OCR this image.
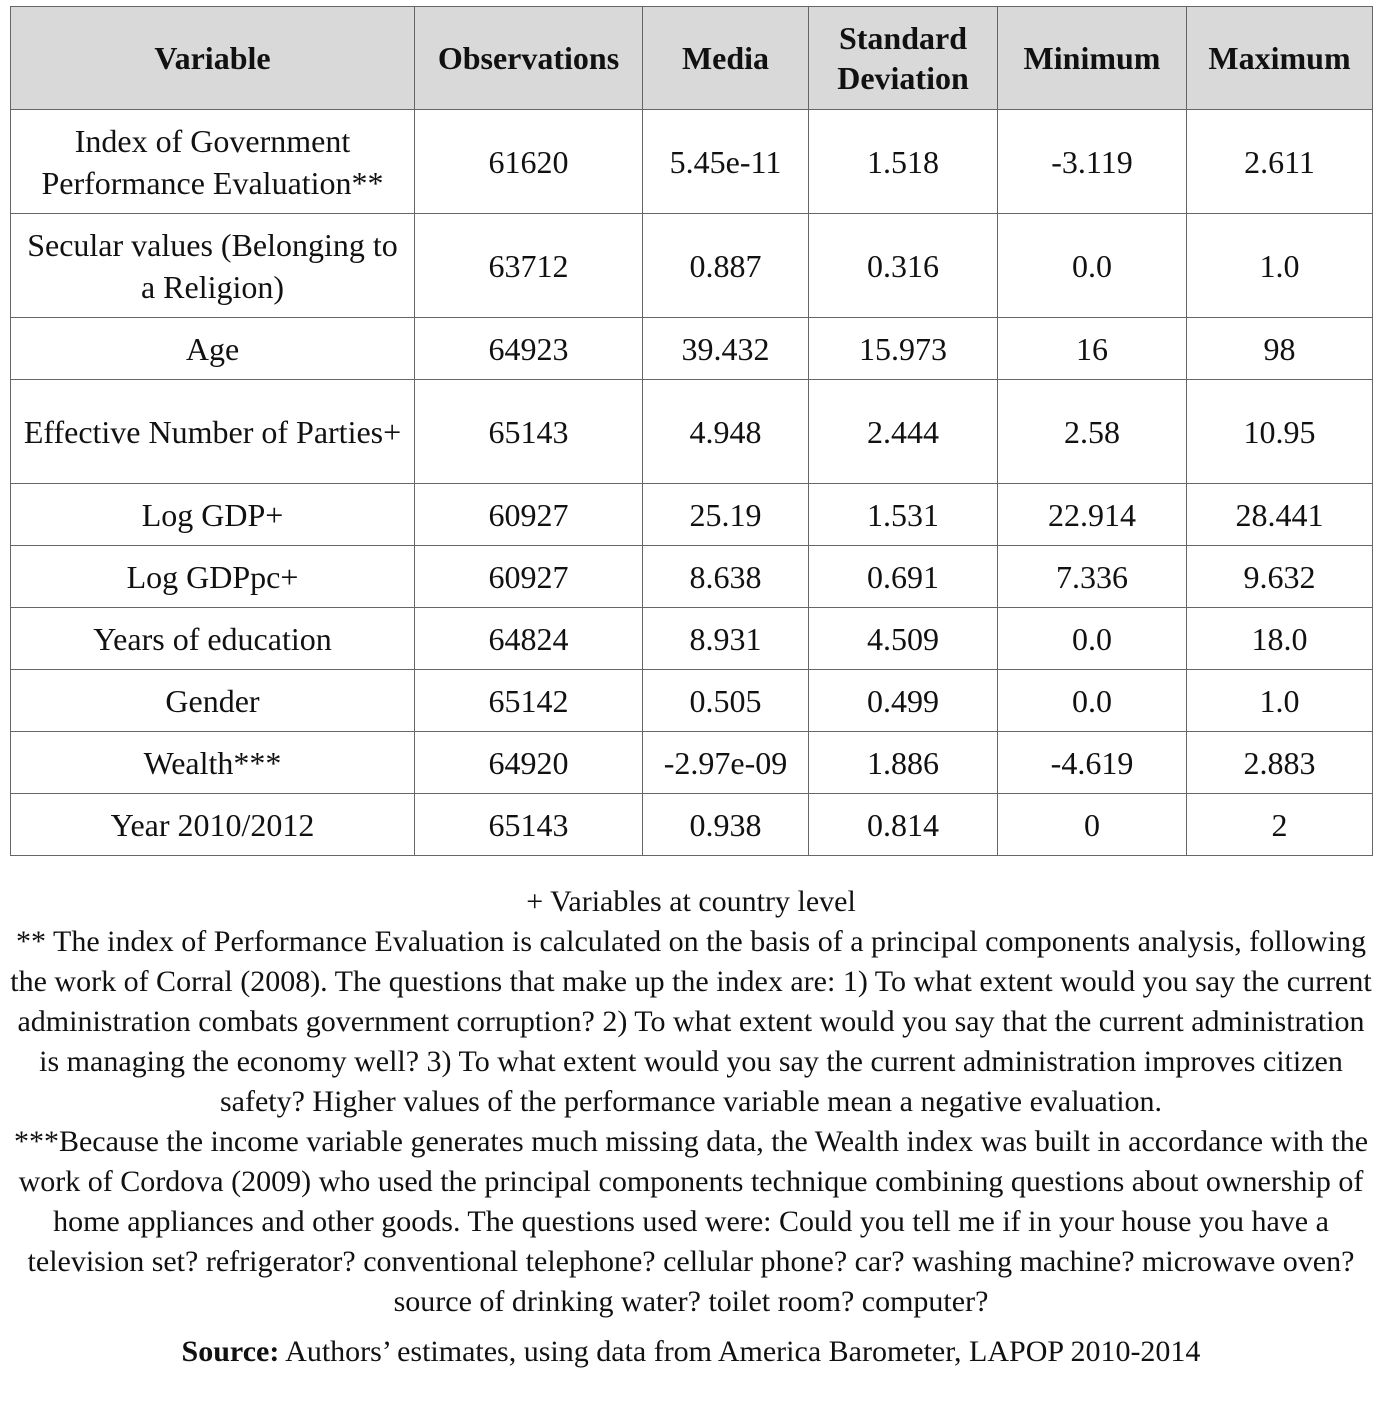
Variable	Observations	Media	Standard Deviation	Minimum	Maximum
Index of Government Performance Evaluation**	61620	5.45e-11	1.518	-3.119	2.611
Secular values (Belonging to a Religion)	63712	0.887	0.316	0.0	1.0
Age	64923	39.432	15.973	16	98
Effective Number of Parties+	65143	4.948	2.444	2.58	10.95
Log GDP+	60927	25.19	1.531	22.914	28.441
Log GDPpc+	60927	8.638	0.691	7.336	9.632
Years of education	64824	8.931	4.509	0.0	18.0
Gender	65142	0.505	0.499	0.0	1.0
Wealth***	64920	-2.97e-09	1.886	-4.619	2.883
Year 2010/2012	65143	0.938	0.814	0	2

+ Variables at country level

** The index of Performance Evaluation is calculated on the basis of a principal components analysis, following the work of Corral (2008). The questions that make up the index are: 1) To what extent would you say the current administration combats government corruption? 2) To what extent would you say that the current administration is managing the economy well? 3) To what extent would you say the current administration improves citizen safety? Higher values of the performance variable mean a negative evaluation.

***Because the income variable generates much missing data, the Wealth index was built in accordance with the work of Cordova (2009) who used the principal components technique combining questions about ownership of home appliances and other goods. The questions used were: Could you tell me if in your house you have a television set? refrigerator? conventional telephone? cellular phone? car? washing machine? microwave oven? source of drinking water? toilet room? computer?

Source: Authors’ estimates, using data from America Barometer, LAPOP 2010-2014
